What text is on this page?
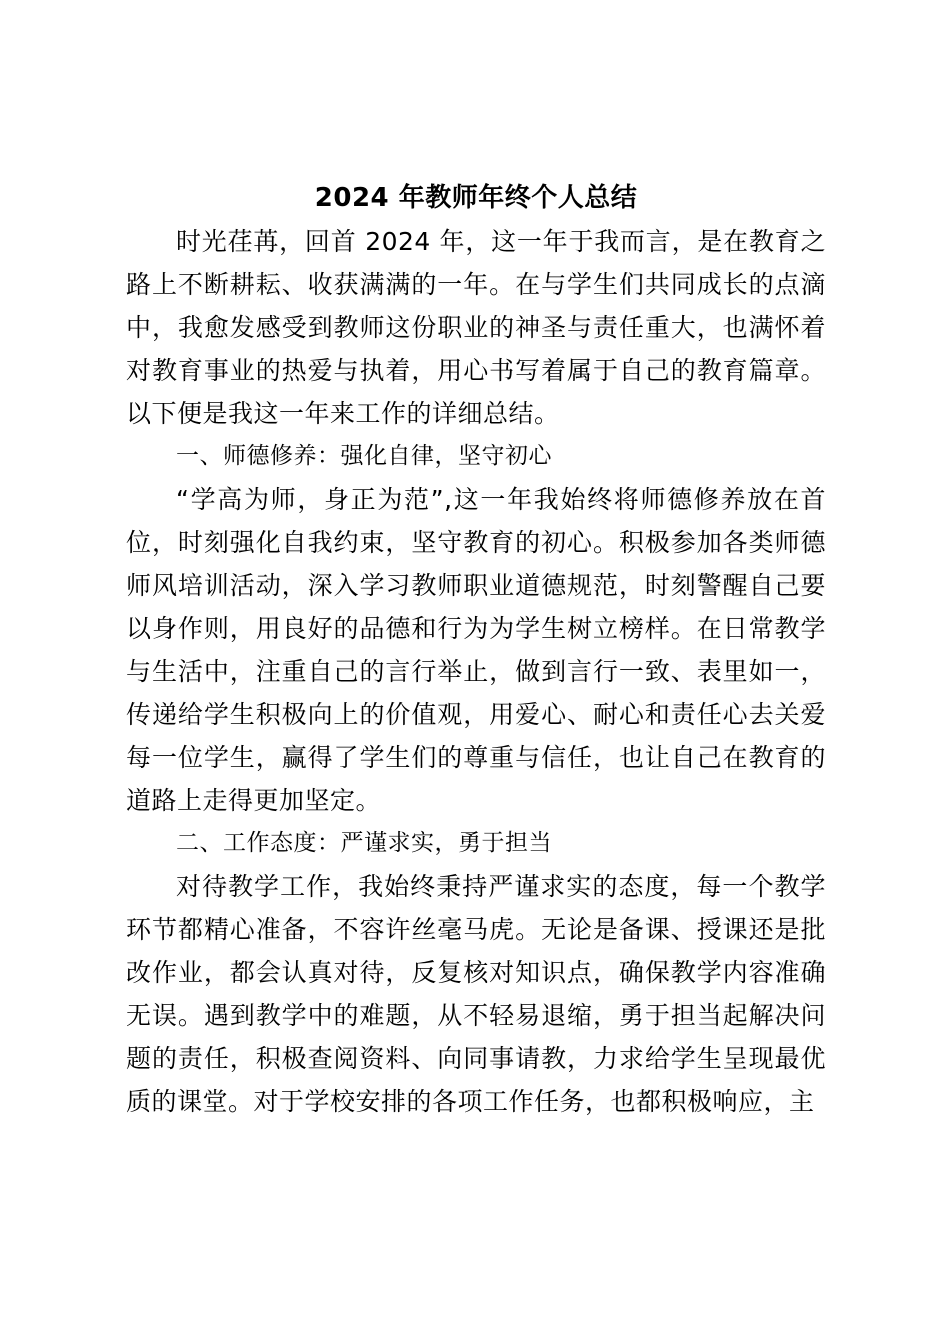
2024 年教师年终个人总结

时光荏苒，回首 2024 年，这一年于我而言，是在教育之路上不断耕耘、收获满满的一年。在与学生们共同成长的点滴中，我愈发感受到教师这份职业的神圣与责任重大，也满怀着对教育事业的热爱与执着，用心书写着属于自己的教育篇章。以下便是我这一年来工作的详细总结。

一、师德修养：强化自律，坚守初心

“学高为师，身正为范”,这一年我始终将师德修养放在首位，时刻强化自我约束，坚守教育的初心。积极参加各类师德师风培训活动，深入学习教师职业道德规范，时刻警醒自己要以身作则，用良好的品德和行为为学生树立榜样。在日常教学与生活中，注重自己的言行举止，做到言行一致、表里如一，传递给学生积极向上的价值观，用爱心、耐心和责任心去关爱每一位学生，赢得了学生们的尊重与信任，也让自己在教育的道路上走得更加坚定。

二、工作态度：严谨求实，勇于担当

对待教学工作，我始终秉持严谨求实的态度，每一个教学环节都精心准备，不容许丝毫马虎。无论是备课、授课还是批改作业，都会认真对待，反复核对知识点，确保教学内容准确无误。遇到教学中的难题，从不轻易退缩，勇于担当起解决问题的责任，积极查阅资料、向同事请教，力求给学生呈现最优质的课堂。对于学校安排的各项工作任务，也都积极响应，主
